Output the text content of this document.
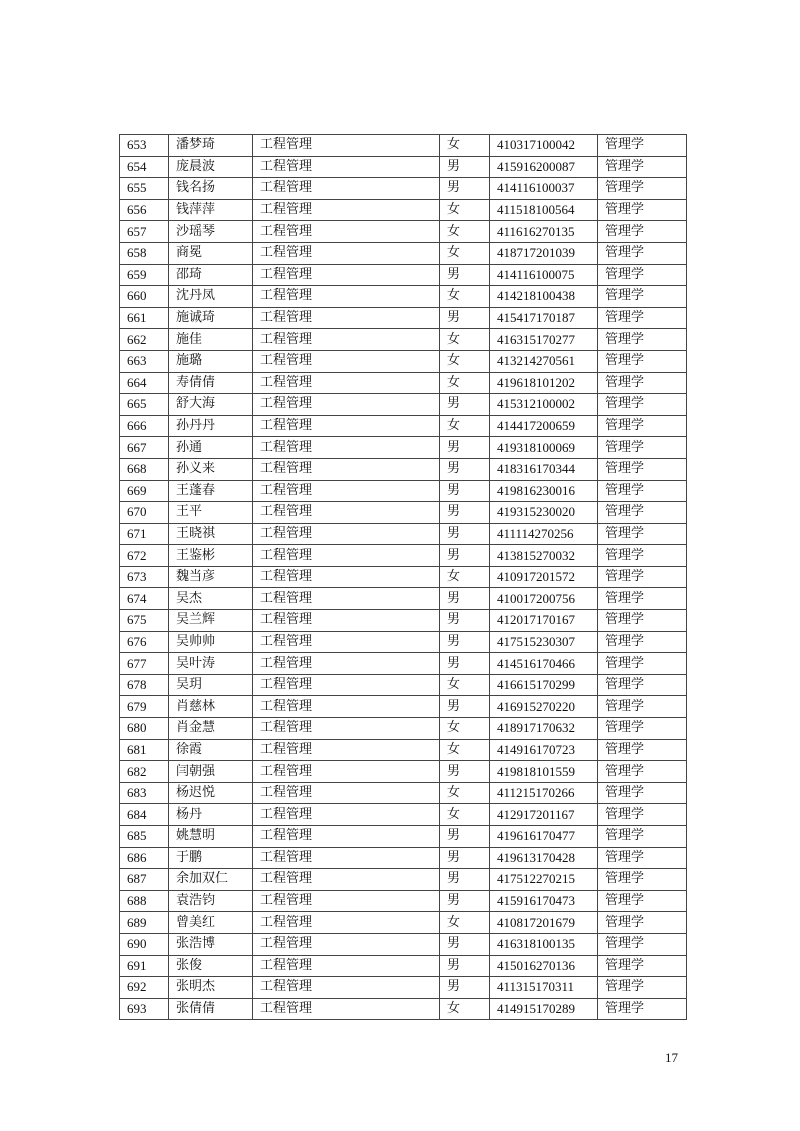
653	潘梦琦	工程管理	女	410317100042	管理学
654	庞晨波	工程管理	男	415916200087	管理学
655	钱名扬	工程管理	男	414116100037	管理学
656	钱萍萍	工程管理	女	411518100564	管理学
657	沙瑶琴	工程管理	女	411616270135	管理学
658	商冕	工程管理	女	418717201039	管理学
659	邵琦	工程管理	男	414116100075	管理学
660	沈丹凤	工程管理	女	414218100438	管理学
661	施诚琦	工程管理	男	415417170187	管理学
662	施佳	工程管理	女	416315170277	管理学
663	施璐	工程管理	女	413214270561	管理学
664	寿倩倩	工程管理	女	419618101202	管理学
665	舒大海	工程管理	男	415312100002	管理学
666	孙丹丹	工程管理	女	414417200659	管理学
667	孙通	工程管理	男	419318100069	管理学
668	孙义来	工程管理	男	418316170344	管理学
669	王蓬春	工程管理	男	419816230016	管理学
670	王平	工程管理	男	419315230020	管理学
671	王晓祺	工程管理	男	411114270256	管理学
672	王鉴彬	工程管理	男	413815270032	管理学
673	魏当彦	工程管理	女	410917201572	管理学
674	吴杰	工程管理	男	410017200756	管理学
675	吴兰辉	工程管理	男	412017170167	管理学
676	吴帅帅	工程管理	男	417515230307	管理学
677	吴叶涛	工程管理	男	414516170466	管理学
678	吴玥	工程管理	女	416615170299	管理学
679	肖慈林	工程管理	男	416915270220	管理学
680	肖金慧	工程管理	女	418917170632	管理学
681	徐霞	工程管理	女	414916170723	管理学
682	闫朝强	工程管理	男	419818101559	管理学
683	杨迟悦	工程管理	女	411215170266	管理学
684	杨丹	工程管理	女	412917201167	管理学
685	姚慧明	工程管理	男	419616170477	管理学
686	于鹏	工程管理	男	419613170428	管理学
687	余加双仁	工程管理	男	417512270215	管理学
688	袁浩钧	工程管理	男	415916170473	管理学
689	曾美红	工程管理	女	410817201679	管理学
690	张浩博	工程管理	男	416318100135	管理学
691	张俊	工程管理	男	415016270136	管理学
692	张明杰	工程管理	男	411315170311	管理学
693	张倩倩	工程管理	女	414915170289	管理学
17
